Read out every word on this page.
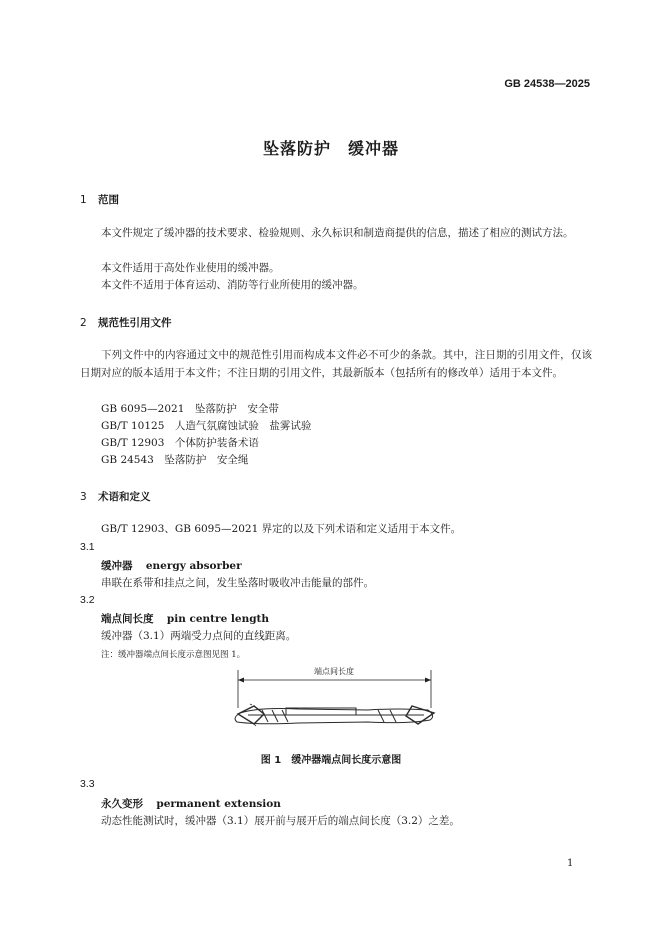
GB 24538—2025
坠落防护　缓冲器
1 范围
本文件规定了缓冲器的技术要求、检验规则、永久标识和制造商提供的信息，描述了相应的测试方法。
本文件适用于高处作业使用的缓冲器。
本文件不适用于体育运动、消防等行业所使用的缓冲器。
2 规范性引用文件
下列文件中的内容通过文中的规范性引用而构成本文件必不可少的条款。其中，注日期的引用文件，仅该日期对应的版本适用于本文件；不注日期的引用文件，其最新版本（包括所有的修改单）适用于本文件。
GB 6095—2021　坠落防护　安全带
GB/T 10125　人造气氛腐蚀试验　盐雾试验
GB/T 12903　个体防护装备术语
GB 24543　坠落防护　安全绳
3 术语和定义
GB/T 12903、GB 6095—2021 界定的以及下列术语和定义适用于本文件。
3.1
缓冲器 energy absorber
串联在系带和挂点之间，发生坠落时吸收冲击能量的部件。
3.2
端点间长度 pin centre length
缓冲器（3.1）两端受力点间的直线距离。
注：缓冲器端点间长度示意图见图 1。
端点间长度
图 1　缓冲器端点间长度示意图
3.3
永久变形 permanent extension
动态性能测试时，缓冲器（3.1）展开前与展开后的端点间长度（3.2）之差。
1
